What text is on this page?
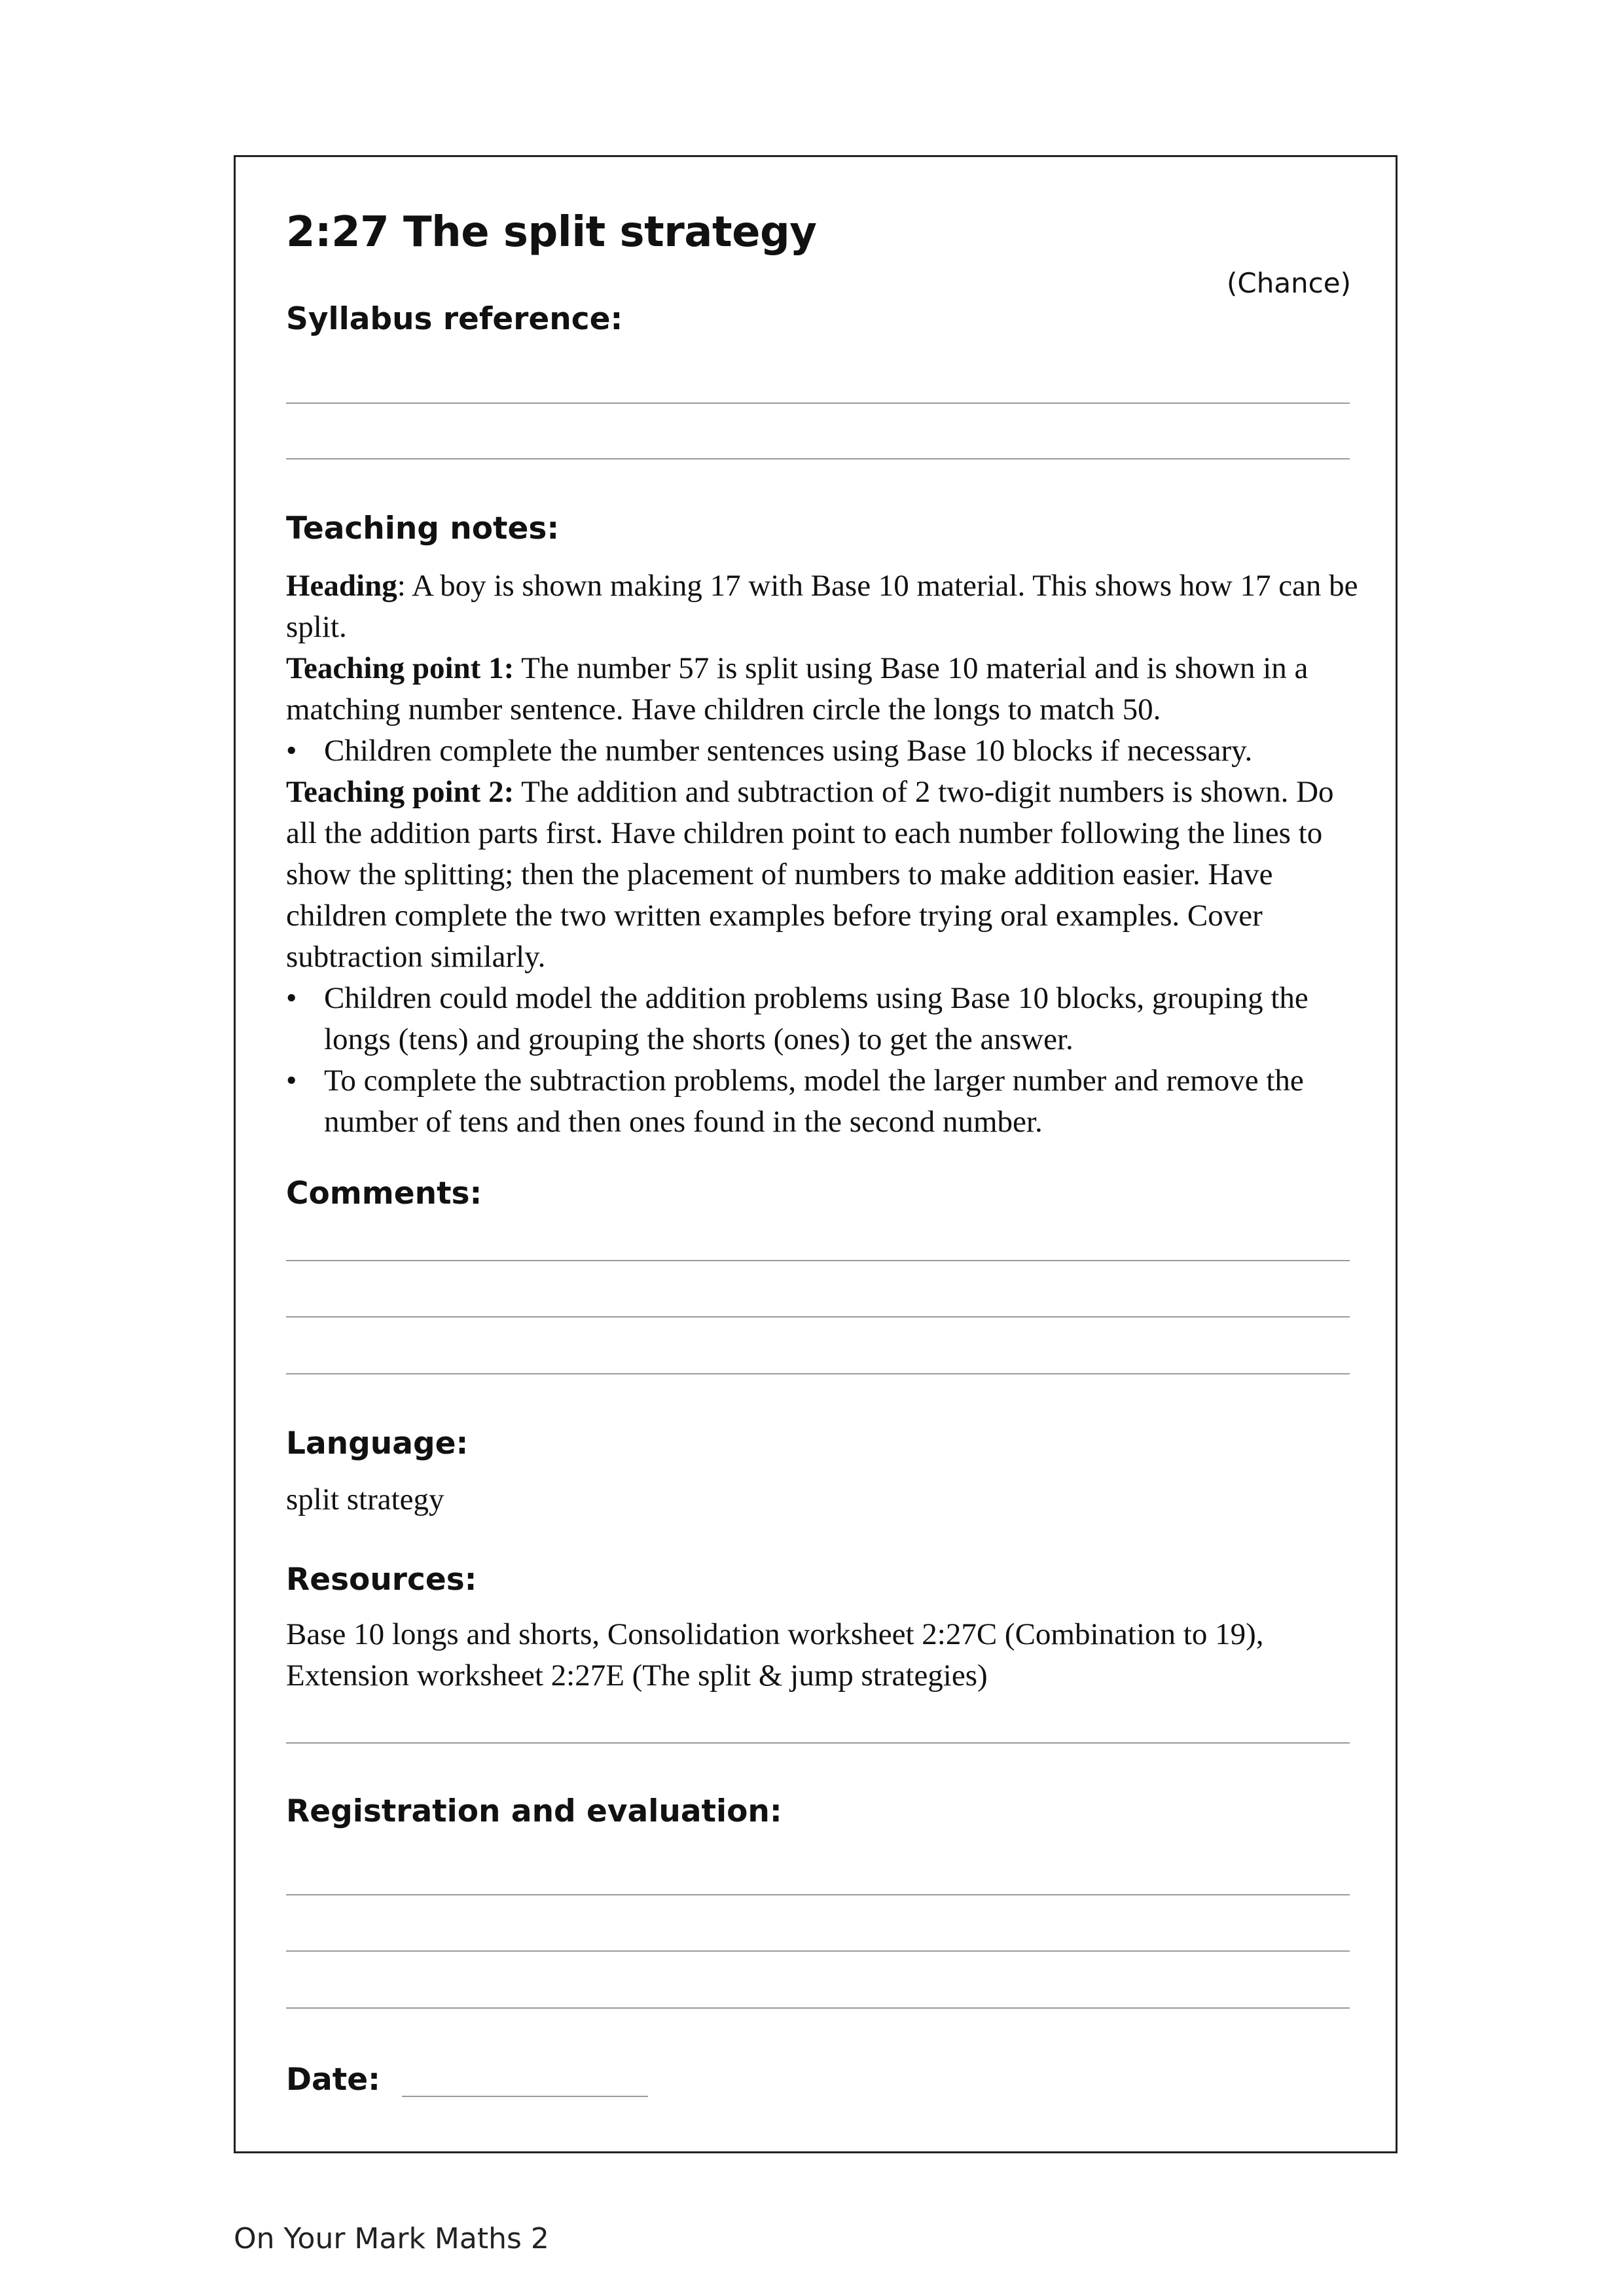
2:27 The split strategy
(Chance)
Syllabus reference:
Teaching notes:

Heading: A boy is shown making 17 with Base 10 material. This shows how 17 can be split.

Teaching point 1: The number 57 is split using Base 10 material and is shown in a matching number sentence. Have children circle the longs to match 50.

• Children complete the number sentences using Base 10 blocks if necessary.

Teaching point 2: The addition and subtraction of 2 two-digit numbers is shown. Do all the addition parts first. Have children point to each number following the lines to show the splitting; then the placement of numbers to make addition easier. Have children complete the two written examples before trying oral examples. Cover subtraction similarly.

• Children could model the addition problems using Base 10 blocks, grouping the longs (tens) and grouping the shorts (ones) to get the answer.

• To complete the subtraction problems, model the larger number and remove the number of tens and then ones found in the second number.

Comments:
Language:
split strategy
Resources:
Base 10 longs and shorts, Consolidation worksheet 2:27C (Combination to 19), Extension worksheet 2:27E (The split & jump strategies)
Registration and evaluation:
Date:
On Your Mark Maths 2
